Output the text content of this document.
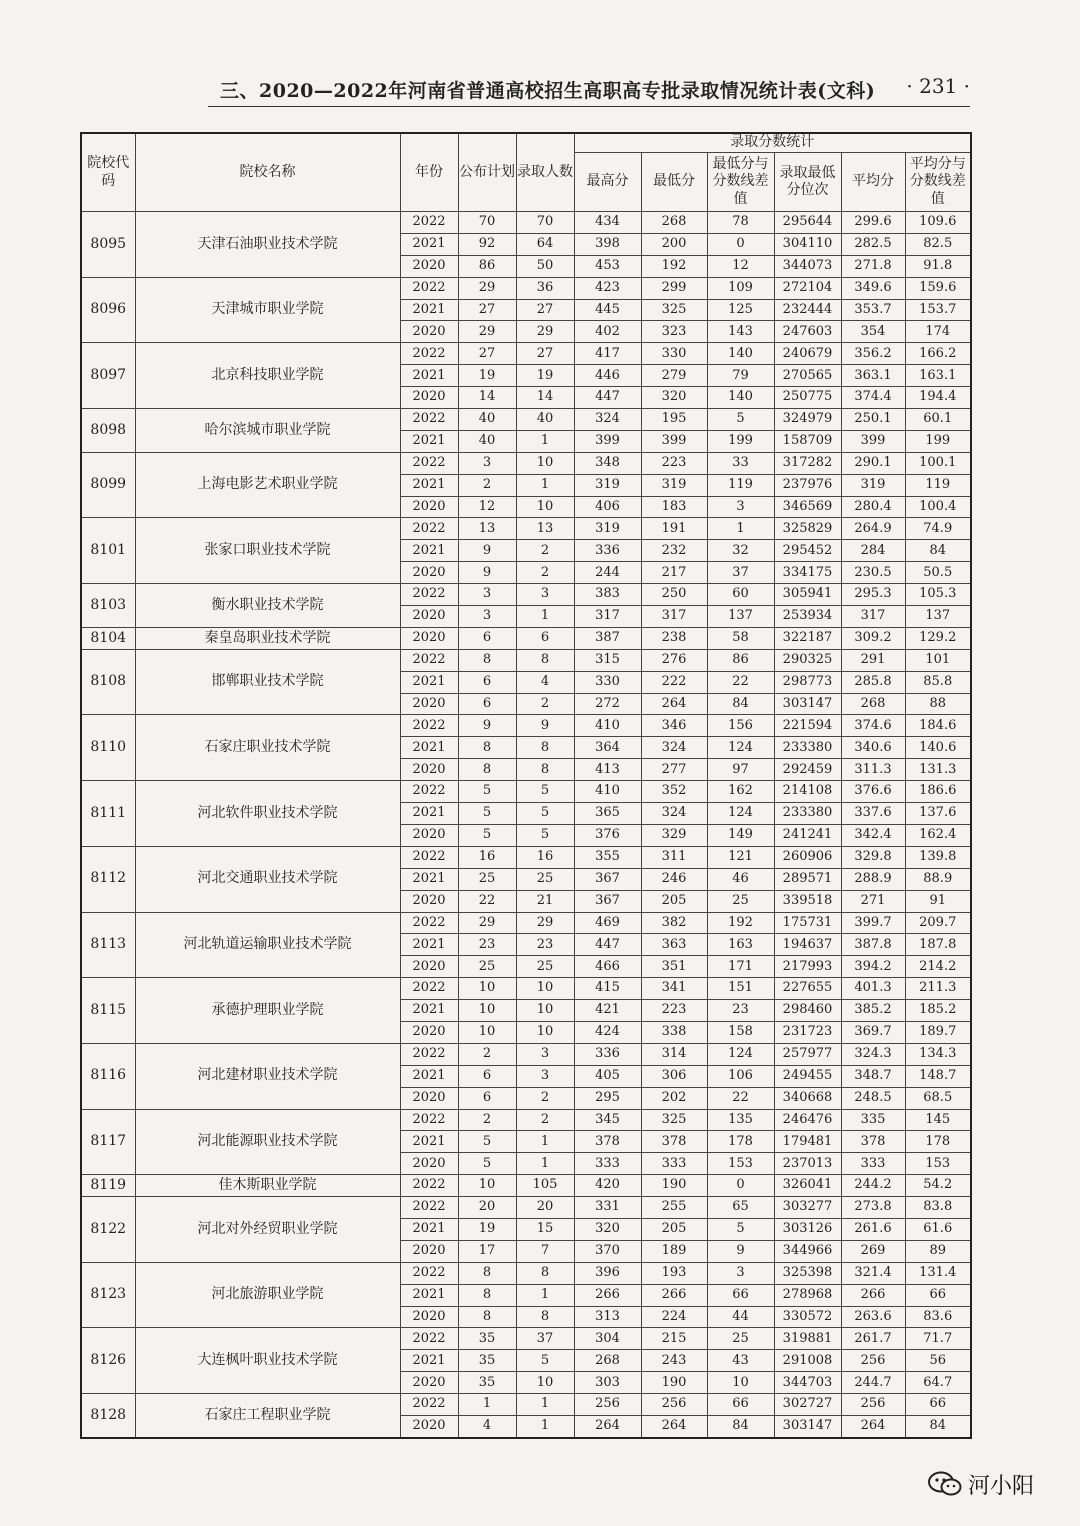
三、2020—2022年河南省普通高校招生高职高专批录取情况统计表(文科) · 231 ·
院校代码	院校名称	年份	公布计划	录取人数	录取分数统计					
					最高分	最低分	最低分与分数线差值	录取最低分位次	平均分	平均分与分数线差值
8095	天津石油职业技术学院	2022	70	70	434	268	78	295644	299.6	109.6
		2021	92	64	398	200	0	304110	282.5	82.5
		2020	86	50	453	192	12	344073	271.8	91.8
8096	天津城市职业学院	2022	29	36	423	299	109	272104	349.6	159.6
		2021	27	27	445	325	125	232444	353.7	153.7
		2020	29	29	402	323	143	247603	354	174
8097	北京科技职业学院	2022	27	27	417	330	140	240679	356.2	166.2
		2021	19	19	446	279	79	270565	363.1	163.1
		2020	14	14	447	320	140	250775	374.4	194.4
8098	哈尔滨城市职业学院	2022	40	40	324	195	5	324979	250.1	60.1
		2021	40	1	399	399	199	158709	399	199
8099	上海电影艺术职业学院	2022	3	10	348	223	33	317282	290.1	100.1
		2021	2	1	319	319	119	237976	319	119
		2020	12	10	406	183	3	346569	280.4	100.4
8101	张家口职业技术学院	2022	13	13	319	191	1	325829	264.9	74.9
		2021	9	2	336	232	32	295452	284	84
		2020	9	2	244	217	37	334175	230.5	50.5
8103	衡水职业技术学院	2022	3	3	383	250	60	305941	295.3	105.3
		2020	3	1	317	317	137	253934	317	137
8104	秦皇岛职业技术学院	2020	6	6	387	238	58	322187	309.2	129.2
8108	邯郸职业技术学院	2022	8	8	315	276	86	290325	291	101
		2021	6	4	330	222	22	298773	285.8	85.8
		2020	6	2	272	264	84	303147	268	88
8110	石家庄职业技术学院	2022	9	9	410	346	156	221594	374.6	184.6
		2021	8	8	364	324	124	233380	340.6	140.6
		2020	8	8	413	277	97	292459	311.3	131.3
8111	河北软件职业技术学院	2022	5	5	410	352	162	214108	376.6	186.6
		2021	5	5	365	324	124	233380	337.6	137.6
		2020	5	5	376	329	149	241241	342.4	162.4
8112	河北交通职业技术学院	2022	16	16	355	311	121	260906	329.8	139.8
		2021	25	25	367	246	46	289571	288.9	88.9
		2020	22	21	367	205	25	339518	271	91
8113	河北轨道运输职业技术学院	2022	29	29	469	382	192	175731	399.7	209.7
		2021	23	23	447	363	163	194637	387.8	187.8
		2020	25	25	466	351	171	217993	394.2	214.2
8115	承德护理职业学院	2022	10	10	415	341	151	227655	401.3	211.3
		2021	10	10	421	223	23	298460	385.2	185.2
		2020	10	10	424	338	158	231723	369.7	189.7
8116	河北建材职业技术学院	2022	2	3	336	314	124	257977	324.3	134.3
		2021	6	3	405	306	106	249455	348.7	148.7
		2020	6	2	295	202	22	340668	248.5	68.5
8117	河北能源职业技术学院	2022	2	2	345	325	135	246476	335	145
		2021	5	1	378	378	178	179481	378	178
		2020	5	1	333	333	153	237013	333	153
8119	佳木斯职业学院	2022	10	105	420	190	0	326041	244.2	54.2
8122	河北对外经贸职业学院	2022	20	20	331	255	65	303277	273.8	83.8
		2021	19	15	320	205	5	303126	261.6	61.6
		2020	17	7	370	189	9	344966	269	89
8123	河北旅游职业学院	2022	8	8	396	193	3	325398	321.4	131.4
		2021	8	1	266	266	66	278968	266	66
		2020	8	8	313	224	44	330572	263.6	83.6
8126	大连枫叶职业技术学院	2022	35	37	304	215	25	319881	261.7	71.7
		2021	35	5	268	243	43	291008	256	56
		2020	35	10	303	190	10	344703	244.7	64.7
8128	石家庄工程职业学院	2022	1	1	256	256	66	302727	256	66
		2020	4	1	264	264	84	303147	264	84
河小阳
